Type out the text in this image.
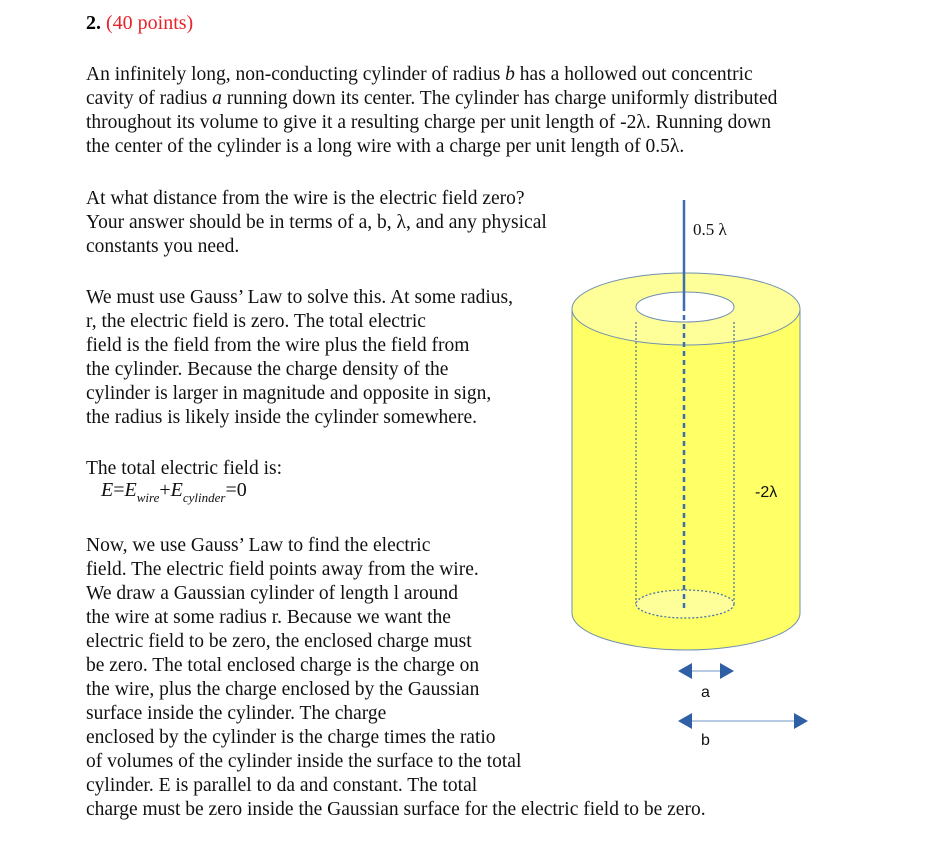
2. (40 points)
An infinitely long, non-conducting cylinder of radius b has a hollowed out concentric
cavity of radius a running down its center. The cylinder has charge uniformly distributed
throughout its volume to give it a resulting charge per unit length of -2λ. Running down
the center of the cylinder is a long wire with a charge per unit length of 0.5λ.
At what distance from the wire is the electric field zero?
Your answer should be in terms of a, b, λ, and any physical
constants you need.
We must use Gauss’ Law to solve this. At some radius,
r, the electric field is zero. The total electric
field is the field from the wire plus the field from
the cylinder. Because the charge density of the
cylinder is larger in magnitude and opposite in sign,
the radius is likely inside the cylinder somewhere.
The total electric field is:
$E=E_{wire}+E_{cylinder}=0$
Now, we use Gauss’ Law to find the electric
field. The electric field points away from the wire.
We draw a Gaussian cylinder of length l around
the wire at some radius r. Because we want the
electric field to be zero, the enclosed charge must
be zero. The total enclosed charge is the charge on
the wire, plus the charge enclosed by the Gaussian
surface inside the cylinder. The charge
enclosed by the cylinder is the charge times the ratio
of volumes of the cylinder inside the surface to the total
cylinder. E is parallel to da and constant. The total
charge must be zero inside the Gaussian surface for the electric field to be zero.
0.5 λ
-2λ
a
b
